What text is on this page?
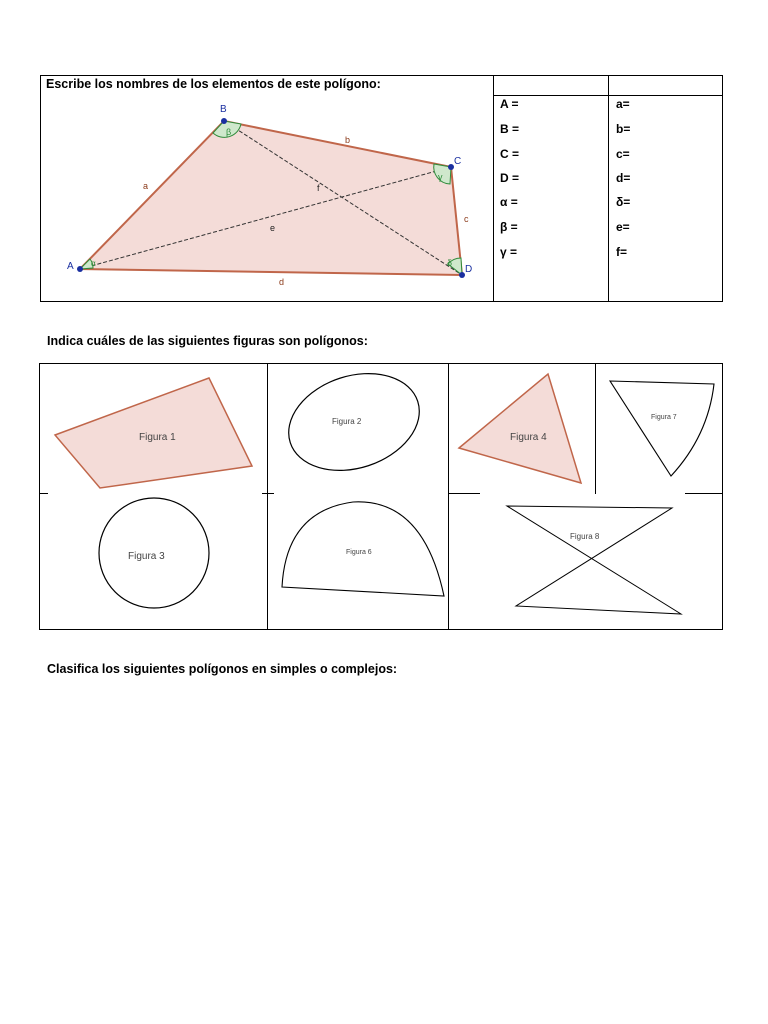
Escribe los nombres de los elementos de este polígono:
A =
B =
C =
D =
α =
β =
γ =
a=
b=
c=
d=
δ=
e=
f=
A
B
C
D
a
b
c
d
e
f
α
β
γ
δ
Indica cuáles de las siguientes figuras son polígonos:
Figura 1
Figura 2
Figura 4
Figura 7
Figura 3	Figura 6
Figura 8
Clasifica los siguientes polígonos en simples o complejos:
